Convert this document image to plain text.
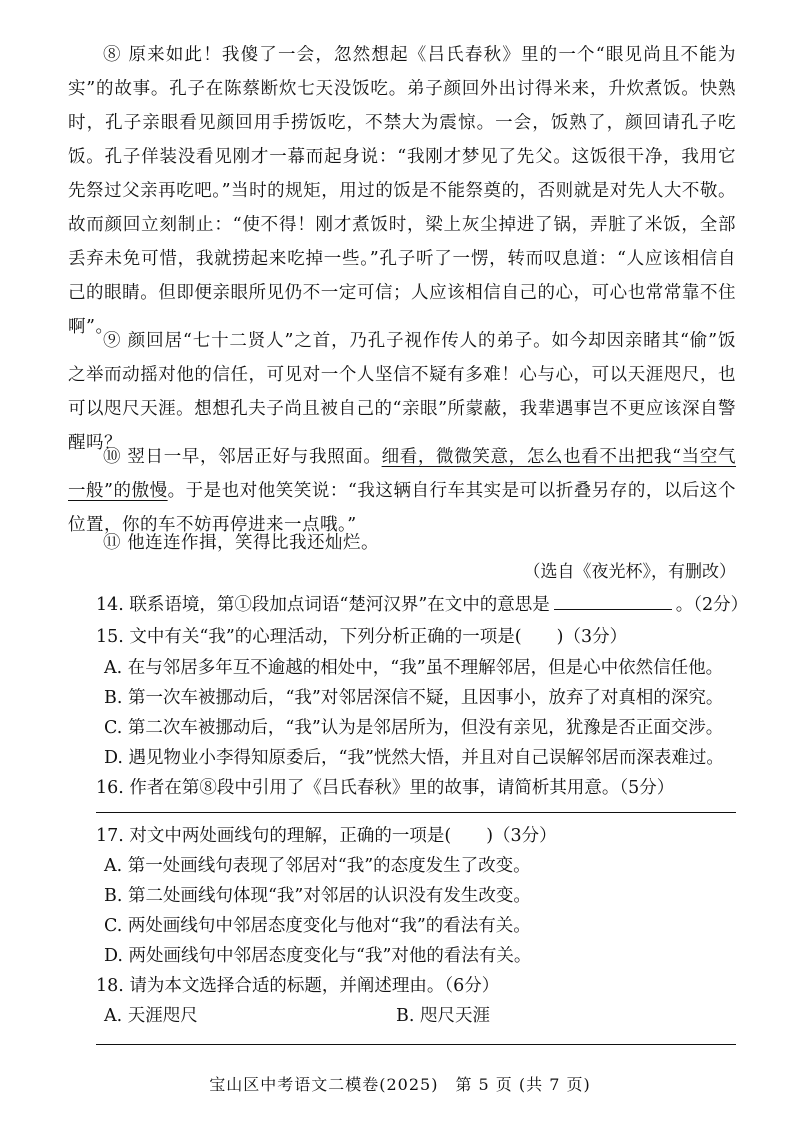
⑧ 原来如此！我傻了一会，忽然想起《吕氏春秋》里的一个“眼见尚且不能为实”的故事。孔子在陈蔡断炊七天没饭吃。弟子颜回外出讨得米来，升炊煮饭。快熟时，孔子亲眼看见颜回用手捞饭吃，不禁大为震惊。一会，饭熟了，颜回请孔子吃饭。孔子佯装没看见刚才一幕而起身说：“我刚才梦见了先父。这饭很干净，我用它先祭过父亲再吃吧。”当时的规矩，用过的饭是不能祭奠的，否则就是对先人大不敬。故而颜回立刻制止：“使不得！刚才煮饭时，梁上灰尘掉进了锅，弄脏了米饭，全部丢弃未免可惜，我就捞起来吃掉一些。”孔子听了一愣，转而叹息道：“人应该相信自己的眼睛。但即便亲眼所见仍不一定可信；人应该相信自己的心，可心也常常靠不住啊”。
⑨ 颜回居“七十二贤人”之首，乃孔子视作传人的弟子。如今却因亲睹其“偷”饭之举而动摇对他的信任，可见对一个人坚信不疑有多难！心与心，可以天涯咫尺，也可以咫尺天涯。想想孔夫子尚且被自己的“亲眼”所蒙蔽，我辈遇事岂不更应该深自警醒吗？
⑩ 翌日一早，邻居正好与我照面。细看，微微笑意，怎么也看不出把我“当空气一般”的傲慢。于是也对他笑笑说：“我这辆自行车其实是可以折叠另存的，以后这个位置，你的车不妨再停进来一点哦。”
⑪ 他连连作揖，笑得比我还灿烂。
（选自《夜光杯》，有删改）
14. 联系语境，第①段加点词语“楚河汉界”在文中的意思是	。（2分）
15. 文中有关“我”的心理活动，下列分析正确的一项是(　　)（3分）
A. 在与邻居多年互不逾越的相处中，“我”虽不理解邻居，但是心中依然信任他。
B. 第一次车被挪动后，“我”对邻居深信不疑，且因事小，放弃了对真相的深究。
C. 第二次车被挪动后，“我”认为是邻居所为，但没有亲见，犹豫是否正面交涉。
D. 遇见物业小李得知原委后，“我”恍然大悟，并且对自己误解邻居而深表难过。
16. 作者在第⑧段中引用了《吕氏春秋》里的故事，请简析其用意。（5分）
17. 对文中两处画线句的理解，正确的一项是(　　)（3分）
A. 第一处画线句表现了邻居对“我”的态度发生了改变。
B. 第二处画线句体现“我”对邻居的认识没有发生改变。
C. 两处画线句中邻居态度变化与他对“我”的看法有关。
D. 两处画线句中邻居态度变化与“我”对他的看法有关。
18. 请为本文选择合适的标题，并阐述理由。（6分）
A. 天涯咫尺	B. 咫尺天涯
宝山区中考语文二模卷(2025)　第 5 页 (共 7 页)
